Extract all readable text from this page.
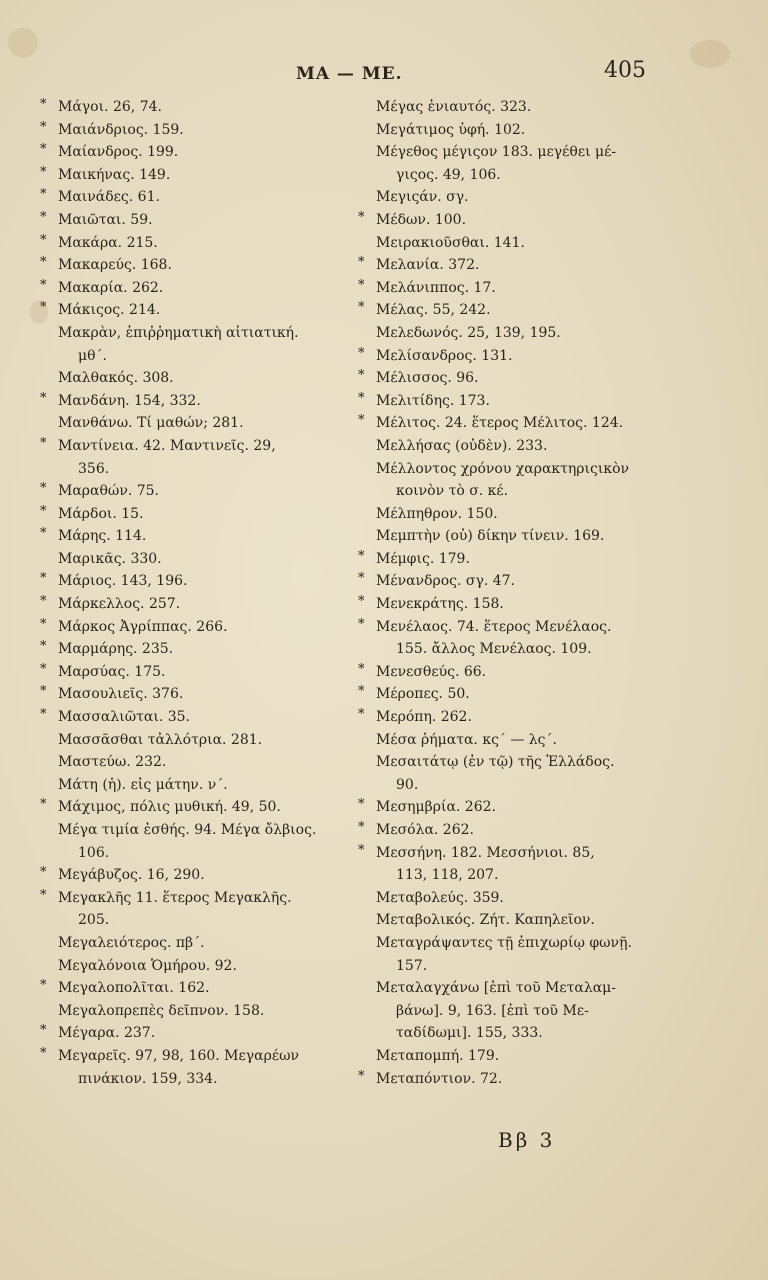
MA — ME.	405
* Μάγοι. 26, 74.
* Μαιάνδριος. 159.
* Μαίανδρος. 199.
* Μαικήνας. 149.
* Μαινάδες. 61.
* Μαιῶται. 59.
* Μακάρα. 215.
* Μακαρεύς. 168.
* Μακαρία. 262.
* Μάκιςος. 214.
Μακρὰν, ἐπιῤῥηματικὴ αἰτιατική.
μθ΄.
Μαλθακός. 308.
* Μανδάνη. 154, 332.
Μανθάνω. Τί μαθών; 281.
* Μαντίνεια. 42. Μαντινεῖς. 29,
356.
* Μαραθών. 75.
* Μάρδοι. 15.
* Μάρης. 114.
Μαρικᾶς. 330.
* Μάριος. 143, 196.
* Μάρκελλος. 257.
* Μάρκος Ἀγρίππας. 266.
* Μαρμάρης. 235.
* Μαρσύας. 175.
* Μασουλιεῖς. 376.
* Μασσαλιῶται. 35.
Μασσᾶσθαι τἀλλότρια. 281.
Μαστεύω. 232.
Μάτη (ἡ). εἰς μάτην. ν΄.
* Μάχιμος, πόλις μυθική. 49, 50.
Μέγα τιμία ἐσθής. 94. Μέγα ὄλβιος.
106.
* Μεγάβυζος. 16, 290.
* Μεγακλῆς 11. ἕτερος Μεγακλῆς.
205.
Μεγαλειότερος. πβ΄.
Μεγαλόνοια Ὁμήρου. 92.
* Μεγαλοπολῖται. 162.
Μεγαλοπρεπὲς δεῖπνον. 158.
* Μέγαρα. 237.
* Μεγαρεῖς. 97, 98, 160. Μεγαρέων
πινάκιον. 159, 334.
Μέγας ἐνιαυτός. 323.
Μεγάτιμος ὑφή. 102.
Μέγεθος μέγιςον 183. μεγέθει μέ-
γιςος. 49, 106.
Μεγιςάν. σγ.
* Μέδων. 100.
Μειρακιοῦσθαι. 141.
* Μελανία. 372.
* Μελάνιππος. 17.
* Μέλας. 55, 242.
Μελεδωνός. 25, 139, 195.
* Μελίσανδρος. 131.
* Μέλισσος. 96.
* Μελιτίδης. 173.
* Μέλιτος. 24. ἕτερος Μέλιτος. 124.
Μελλήσας (οὐδὲν). 233.
Μέλλοντος χρόνου χαρακτηριςικὸν
κοινὸν τὸ σ. κέ.
Μέλπηθρον. 150.
Μεμπτὴν (οὐ) δίκην τίνειν. 169.
* Μέμφις. 179.
* Μένανδρος. σγ. 47.
* Μενεκράτης. 158.
* Μενέλαος. 74. ἕτερος Μενέλαος.
155. ἄλλος Μενέλαος. 109.
* Μενεσθεύς. 66.
* Μέροπες. 50.
* Μερόπη. 262.
Μέσα ῥήματα. κς΄ — λς΄.
Μεσαιτάτῳ (ἐν τῷ) τῆς Ἑλλάδος.
90.
* Μεσημβρία. 262.
* Μεσόλα. 262.
* Μεσσήνη. 182. Μεσσήνιοι. 85,
113, 118, 207.
Μεταβολεύς. 359.
Μεταβολικός. Ζήτ. Καπηλεῖον.
Μεταγράψαντες τῇ ἐπιχωρίῳ φωνῇ.
157.
Μεταλαγχάνω [ἐπὶ τοῦ Μεταλαμ-
βάνω]. 9, 163. [ἐπὶ τοῦ Με-
ταδίδωμι]. 155, 333.
Μεταπομπή. 179.
* Μεταπόντιον. 72.
Bβ 3
